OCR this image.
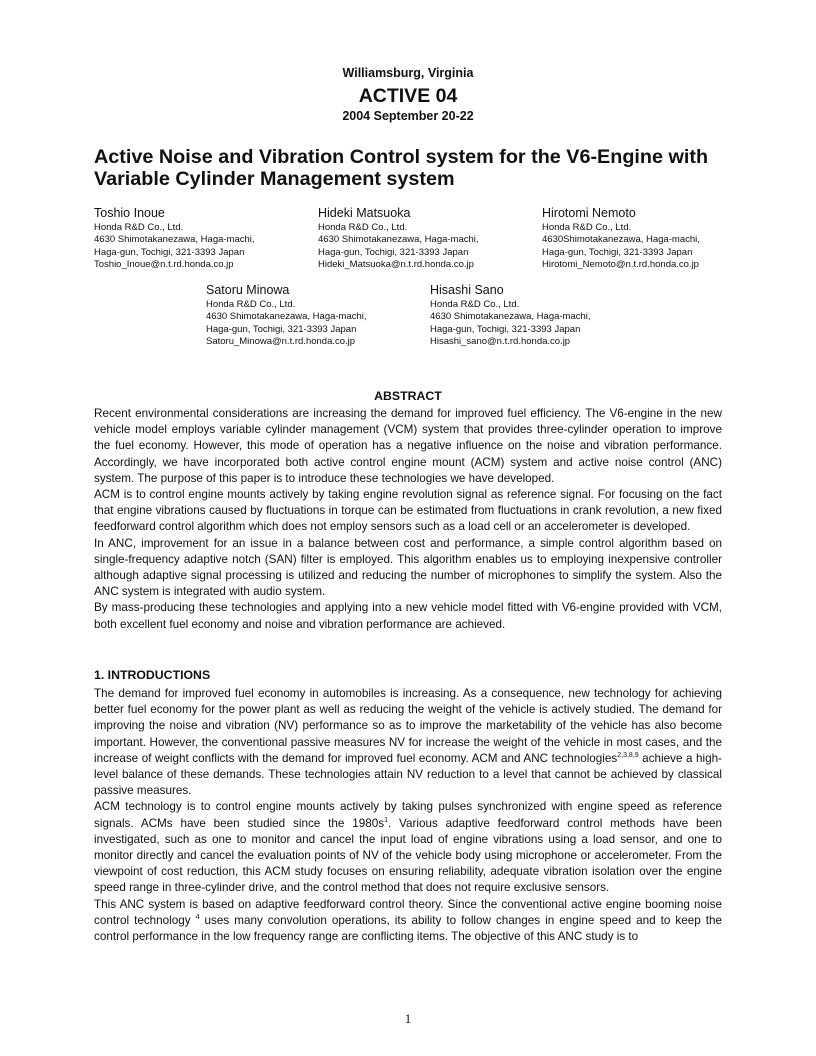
Williamsburg, Virginia
ACTIVE 04
2004 September 20-22
Active Noise and Vibration Control system for the V6-Engine with Variable Cylinder Management system
Toshio Inoue
Honda R&D Co., Ltd.
4630 Shimotakanezawa, Haga-machi,
Haga-gun, Tochigi, 321-3393 Japan
Toshio_Inoue@n.t.rd.honda.co.jp
Hideki Matsuoka
Honda R&D Co., Ltd.
4630 Shimotakanezawa, Haga-machi,
Haga-gun, Tochigi, 321-3393 Japan
Hideki_Matsuoka@n.t.rd.honda.co.jp
Hirotomi Nemoto
Honda R&D Co., Ltd.
4630Shimotakanezawa, Haga-machi,
Haga-gun, Tochigi, 321-3393 Japan
Hirotomi_Nemoto@n.t.rd.honda.co.jp
Satoru Minowa
Honda R&D Co., Ltd.
4630 Shimotakanezawa, Haga-machi,
Haga-gun, Tochigi, 321-3393 Japan
Satoru_Minowa@n.t.rd.honda.co.jp
Hisashi Sano
Honda R&D Co., Ltd.
4630 Shimotakanezawa, Haga-machi,
Haga-gun, Tochigi, 321-3393 Japan
Hisashi_sano@n.t.rd.honda.co.jp
ABSTRACT

Recent environmental considerations are increasing the demand for improved fuel efficiency. The V6-engine in the new vehicle model employs variable cylinder management (VCM) system that provides three-cylinder operation to improve the fuel economy. However, this mode of operation has a negative influence on the noise and vibration performance. Accordingly, we have incorporated both active control engine mount (ACM) system and active noise control (ANC) system. The purpose of this paper is to introduce these technologies we have developed.

ACM is to control engine mounts actively by taking engine revolution signal as reference signal. For focusing on the fact that engine vibrations caused by fluctuations in torque can be estimated from fluctuations in crank revolution, a new fixed feedforward control algorithm which does not employ sensors such as a load cell or an accelerometer is developed.

In ANC, improvement for an issue in a balance between cost and performance, a simple control algorithm based on single-frequency adaptive notch (SAN) filter is employed. This algorithm enables us to employing inexpensive controller although adaptive signal processing is utilized and reducing the number of microphones to simplify the system. Also the ANC system is integrated with audio system.

By mass-producing these technologies and applying into a new vehicle model fitted with V6-engine provided with VCM, both excellent fuel economy and noise and vibration performance are achieved.

1. INTRODUCTIONS

The demand for improved fuel economy in automobiles is increasing. As a consequence, new technology for achieving better fuel economy for the power plant as well as reducing the weight of the vehicle is actively studied. The demand for improving the noise and vibration (NV) performance so as to improve the marketability of the vehicle has also become important. However, the conventional passive measures NV for increase the weight of the vehicle in most cases, and the increase of weight conflicts with the demand for improved fuel economy. ACM and ANC technologies$^{2,3,8,9}$ achieve a high-level balance of these demands. These technologies attain NV reduction to a level that cannot be achieved by classical passive measures.

ACM technology is to control engine mounts actively by taking pulses synchronized with engine speed as reference signals. ACMs have been studied since the $1980s^1$. Various adaptive feedforward control methods have been investigated, such as one to monitor and cancel the input load of engine vibrations using a load sensor, and one to monitor directly and cancel the evaluation points of NV of the vehicle body using microphone or accelerometer. From the viewpoint of cost reduction, this ACM study focuses on ensuring reliability, adequate vibration isolation over the engine speed range in three-cylinder drive, and the control method that does not require exclusive sensors.

This ANC system is based on adaptive feedforward control theory. Since the conventional active engine booming noise control technology $^4$ uses many convolution operations, its ability to follow changes in engine speed and to keep the control performance in the low frequency range are conflicting items. The objective of this ANC study is to

1
